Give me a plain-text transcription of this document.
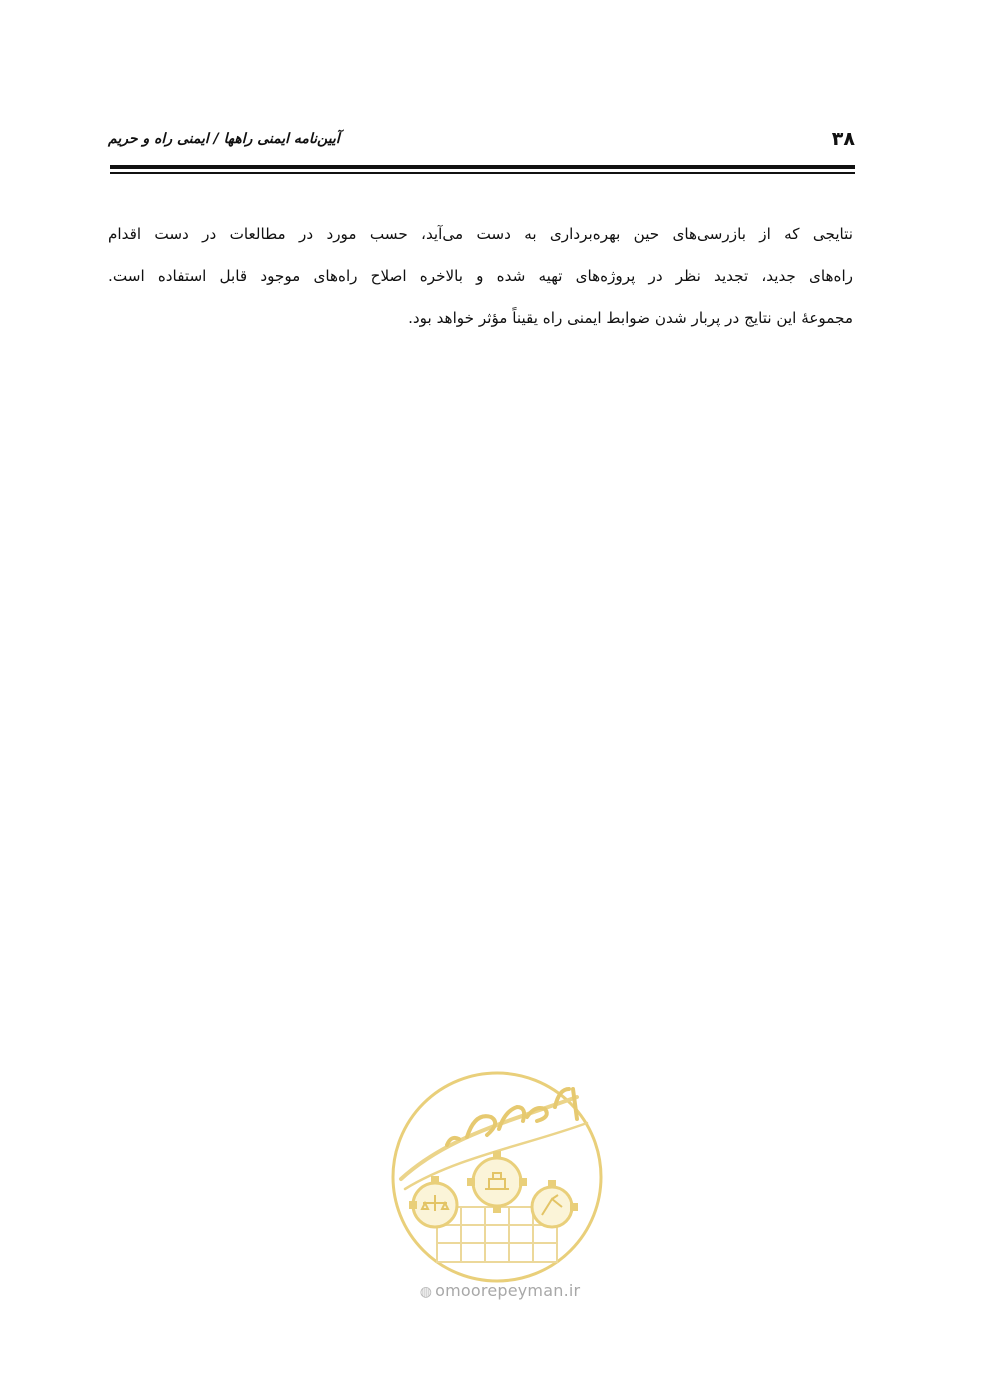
۳۸
آیین‌نامه ایمنی راهها / ایمنی راه و حریم
نتایجی که از بازرسی‌های حین بهره‌برداری به دست می‌آید، حسب مورد در مطالعات در دست اقدام
راه‌های جدید، تجدید نظر در پروژه‌های تهیه شده و بالاخره اصلاح راه‌های موجود قابل استفاده است.
مجموعهٔ این نتایج در پربار شدن ضوابط ایمنی راه یقیناً مؤثر خواهد بود.
◍ omoorepeyman.ir
